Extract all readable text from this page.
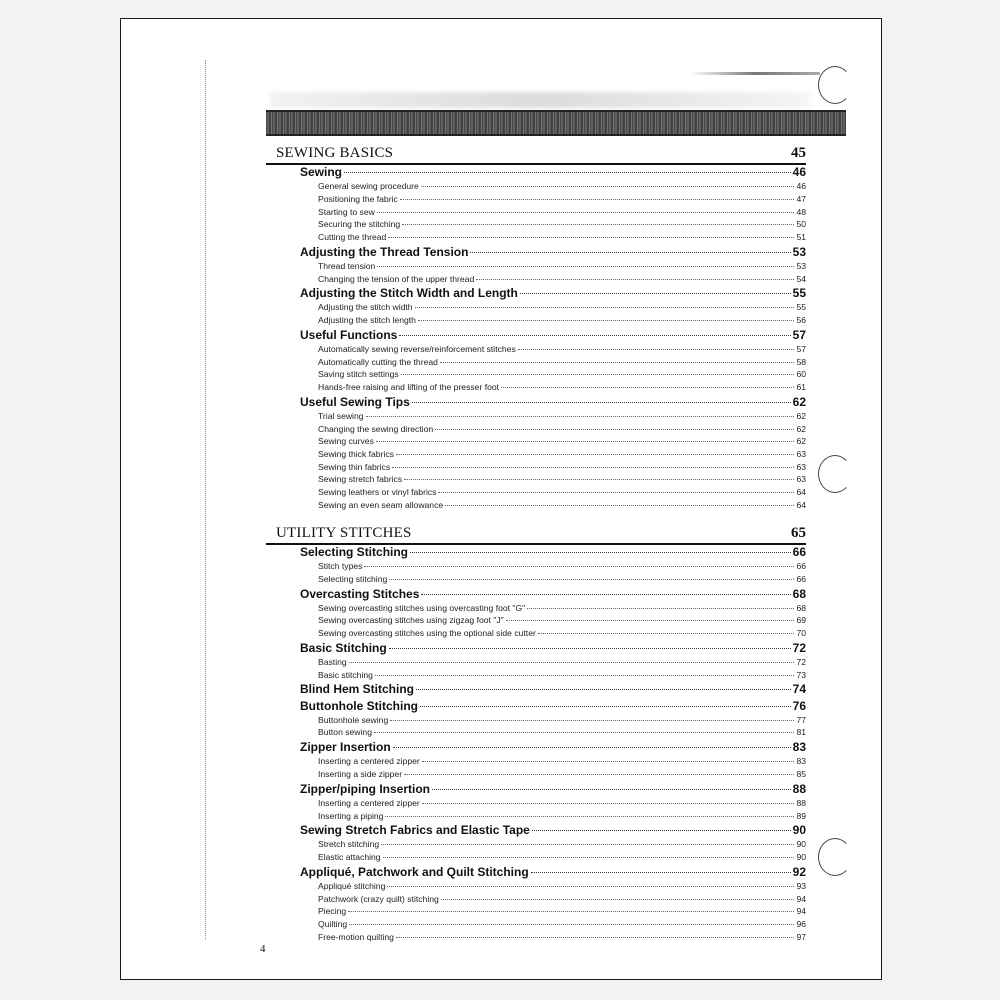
SEWING BASICS	45
Sewing	46
General sewing procedure	46
Positioning the fabric	47
Starting to sew	48
Securing the stitching	50
Cutting the thread	51
Adjusting the Thread Tension	53
Thread tension	53
Changing the tension of the upper thread	54
Adjusting the Stitch Width and Length	55
Adjusting the stitch width	55
Adjusting the stitch length	56
Useful Functions	57
Automatically sewing reverse/reinforcement stitches	57
Automatically cutting the thread	58
Saving stitch settings	60
Hands-free raising and lifting of the presser foot	61
Useful Sewing Tips	62
Trial sewing	62
Changing the sewing direction	62
Sewing curves	62
Sewing thick fabrics	63
Sewing thin fabrics	63
Sewing stretch fabrics	63
Sewing leathers or vinyl fabrics	64
Sewing an even seam allowance	64
UTILITY STITCHES	65
Selecting Stitching	66
Stitch types	66
Selecting stitching	66
Overcasting Stitches	68
Sewing overcasting stitches using overcasting foot "G"	68
Sewing overcasting stitches using zigzag foot "J"	69
Sewing overcasting stitches using the optional side cutter	70
Basic Stitching	72
Basting	72
Basic stitching	73
Blind Hem Stitching	74
Buttonhole Stitching	76
Buttonhole sewing	77
Button sewing	81
Zipper Insertion	83
Inserting a centered zipper	83
Inserting a side zipper	85
Zipper/piping Insertion	88
Inserting a centered zipper	88
Inserting a piping	89
Sewing Stretch Fabrics and Elastic Tape	90
Stretch stitching	90
Elastic attaching	90
Appliqué, Patchwork and Quilt Stitching	92
Appliqué stitching	93
Patchwork (crazy quilt) stitching	94
Piecing	94
Quilting	96
Free-motion quilting	97
4
